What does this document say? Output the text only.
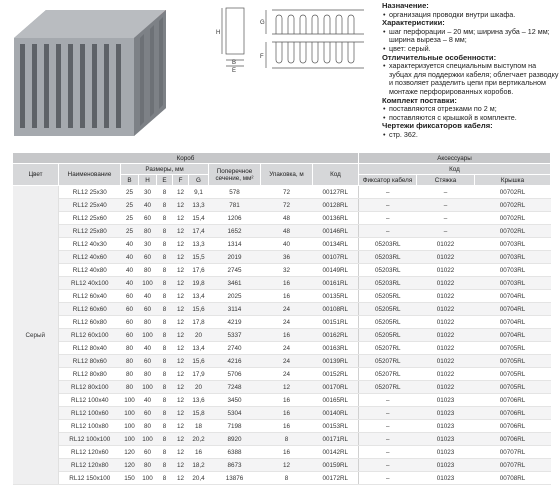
H
B
E
G
F
Назначение:
• организация проводки внутри шкафа.
Характеристики:
• шаг перфорации – 20 мм; ширина зуба – 12 мм; ширина выреза – 8 мм;
• цвет: серый.
Отличительные особенности:
• характеризуется специальным выступом на зубцах для поддержки кабеля; облегчает разводку и позволяет разделить цепи при вертикальном монтаже перфорированных коробов.
Комплект поставки:
• поставляются отрезками по 2 м;
• поставляются с крышкой в комплекте.
Чертежи фиксаторов кабеля:
• стр. 362.
Короб										Аксессуары		
Цвет	Наименование	Размеры, мм					Поперечное сечение, мм²	Упаковка, м	Код	Код		
		B	H	E	F	G				Фиксатор кабеля	Стяжка	Крышка
Серый	RL12 25x30	25	30	8	12	9,1	578	72	00127RL	–	–	00702RL
	RL12 25x40	25	40	8	12	13,3	781	72	00128RL	–	–	00702RL
	RL12 25x60	25	60	8	12	15,4	1206	48	00136RL	–	–	00702RL
	RL12 25x80	25	80	8	12	17,4	1652	48	00146RL	–	–	00702RL
	RL12 40x30	40	30	8	12	13,3	1314	40	00134RL	05203RL	01022	00703RL
	RL12 40x60	40	60	8	12	15,5	2019	36	00107RL	05203RL	01022	00703RL
	RL12 40x80	40	80	8	12	17,6	2745	32	00149RL	05203RL	01022	00703RL
	RL12 40x100	40	100	8	12	19,8	3461	16	00161RL	05203RL	01022	00703RL
	RL12 60x40	60	40	8	12	13,4	2025	16	00135RL	05205RL	01022	00704RL
	RL12 60x60	60	60	8	12	15,6	3114	24	00108RL	05205RL	01022	00704RL
	RL12 60x80	60	80	8	12	17,8	4219	24	00151RL	05205RL	01022	00704RL
	RL12 60x100	60	100	8	12	20	5337	16	00162RL	05205RL	01022	00704RL
	RL12 80x40	80	40	8	12	13,4	2740	24	00163RL	05207RL	01022	00705RL
	RL12 80x60	80	60	8	12	15,6	4216	24	00139RL	05207RL	01022	00705RL
	RL12 80x80	80	80	8	12	17,9	5706	24	00152RL	05207RL	01022	00705RL
	RL12 80x100	80	100	8	12	20	7248	12	00170RL	05207RL	01022	00705RL
	RL12 100x40	100	40	8	12	13,6	3450	16	00165RL	–	01023	00706RL
	RL12 100x60	100	60	8	12	15,8	5304	16	00140RL	–	01023	00706RL
	RL12 100x80	100	80	8	12	18	7198	16	00153RL	–	01023	00706RL
	RL12 100x100	100	100	8	12	20,2	8920	8	00171RL	–	01023	00706RL
	RL12 120x60	120	60	8	12	16	6388	16	00142RL	–	01023	00707RL
	RL12 120x80	120	80	8	12	18,2	8673	12	00159RL	–	01023	00707RL
	RL12 150x100	150	100	8	12	20,4	13876	8	00172RL	–	01023	00708RL
